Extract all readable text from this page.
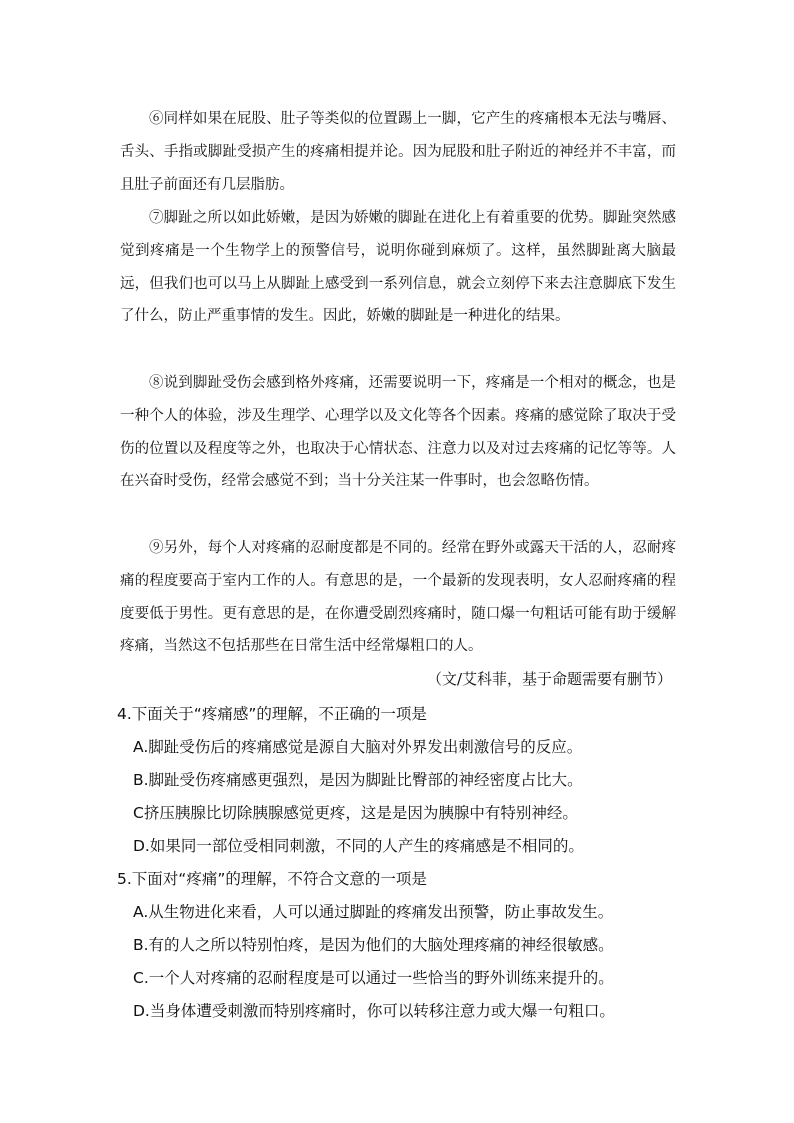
⑥同样如果在屁股、肚子等类似的位置踢上一脚，它产生的疼痛根本无法与嘴唇、舌头、手指或脚趾受损产生的疼痛相提并论。因为屁股和肚子附近的神经并不丰富，而且肚子前面还有几层脂肪。

⑦脚趾之所以如此娇嫩，是因为娇嫩的脚趾在进化上有着重要的优势。脚趾突然感觉到疼痛是一个生物学上的预警信号，说明你碰到麻烦了。这样，虽然脚趾离大脑最远，但我们也可以马上从脚趾上感受到一系列信息，就会立刻停下来去注意脚底下发生了什么，防止严重事情的发生。因此，娇嫩的脚趾是一种进化的结果。

⑧说到脚趾受伤会感到格外疼痛，还需要说明一下，疼痛是一个相对的概念，也是一种个人的体验，涉及生理学、心理学以及文化等各个因素。疼痛的感觉除了取决于受伤的位置以及程度等之外，也取决于心情状态、注意力以及对过去疼痛的记忆等等。人在兴奋时受伤，经常会感觉不到；当十分关注某一件事时，也会忽略伤情。

⑨另外，每个人对疼痛的忍耐度都是不同的。经常在野外或露天干活的人，忍耐疼痛的程度要高于室内工作的人。有意思的是，一个最新的发现表明，女人忍耐疼痛的程度要低于男性。更有意思的是，在你遭受剧烈疼痛时，随口爆一句粗话可能有助于缓解疼痛，当然这不包括那些在日常生活中经常爆粗口的人。

（文/艾科菲，基于命题需要有删节）
4.下面关于“疼痛感”的理解，不正确的一项是
A.脚趾受伤后的疼痛感觉是源自大脑对外界发出刺激信号的反应。
B.脚趾受伤疼痛感更强烈，是因为脚趾比臀部的神经密度占比大。
C挤压胰腺比切除胰腺感觉更疼，这是是因为胰腺中有特别神经。
D.如果同一部位受相同刺激，不同的人产生的疼痛感是不相同的。
5.下面对“疼痛”的理解，不符合文意的一项是
A.从生物进化来看，人可以通过脚趾的疼痛发出预警，防止事故发生。
B.有的人之所以特别怕疼，是因为他们的大脑处理疼痛的神经很敏感。
C.一个人对疼痛的忍耐程度是可以通过一些恰当的野外训练来提升的。
D.当身体遭受刺激而特别疼痛时，你可以转移注意力或大爆一句粗口。
